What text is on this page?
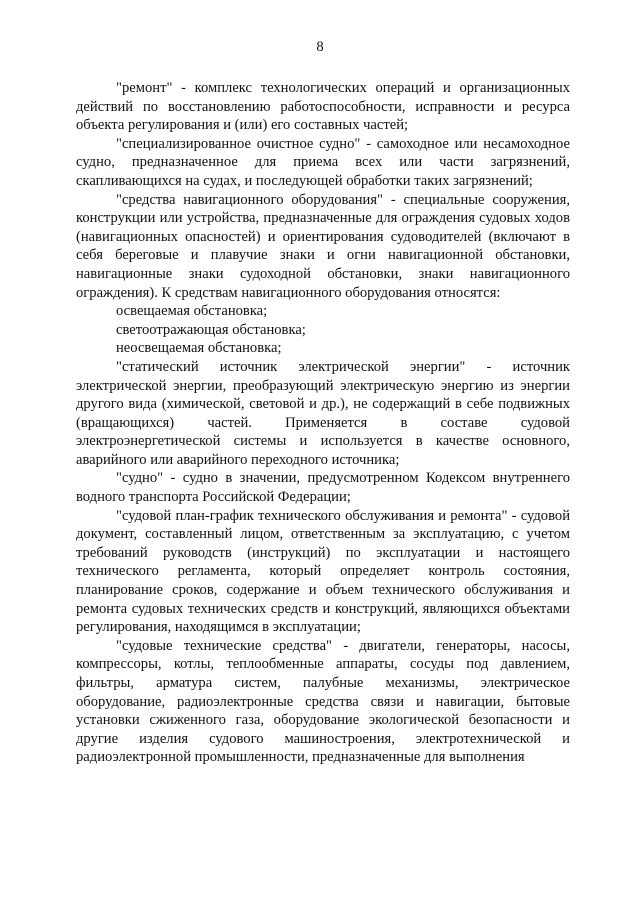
8

"ремонт" - комплекс технологических операций и организационных действий по восстановлению работоспособности, исправности и ресурса объекта регулирования и (или) его составных частей;

"специализированное очистное судно" - самоходное или несамоходное судно, предназначенное для приема всех или части загрязнений, скапливающихся на судах, и последующей обработки таких загрязнений;

"средства навигационного оборудования" - специальные сооружения, конструкции или устройства, предназначенные для ограждения судовых ходов (навигационных опасностей) и ориентирования судоводителей (включают в себя береговые и плавучие знаки и огни навигационной обстановки, навигационные знаки судоходной обстановки, знаки навигационного ограждения). К средствам навигационного оборудования относятся:

освещаемая обстановка;

светоотражающая обстановка;

неосвещаемая обстановка;

"статический источник электрической энергии" - источник электрической энергии, преобразующий электрическую энергию из энергии другого вида (химической, световой и др.), не содержащий в себе подвижных (вращающихся) частей. Применяется в составе судовой электроэнергетической системы и используется в качестве основного, аварийного или аварийного переходного источника;

"судно" - судно в значении, предусмотренном Кодексом внутреннего водного транспорта Российской Федерации;

"судовой план-график технического обслуживания и ремонта" - судовой документ, составленный лицом, ответственным за эксплуатацию, с учетом требований руководств (инструкций) по эксплуатации и настоящего технического регламента, который определяет контроль состояния, планирование сроков, содержание и объем технического обслуживания и ремонта судовых технических средств и конструкций, являющихся объектами регулирования, находящимся в эксплуатации;

"судовые технические средства" - двигатели, генераторы, насосы, компрессоры, котлы, теплообменные аппараты, сосуды под давлением, фильтры, арматура систем, палубные механизмы, электрическое оборудование, радиоэлектронные средства связи и навигации, бытовые установки сжиженного газа, оборудование экологической безопасности и другие изделия судового машиностроения, электротехнической и радиоэлектронной промышленности, предназначенные для выполнения
